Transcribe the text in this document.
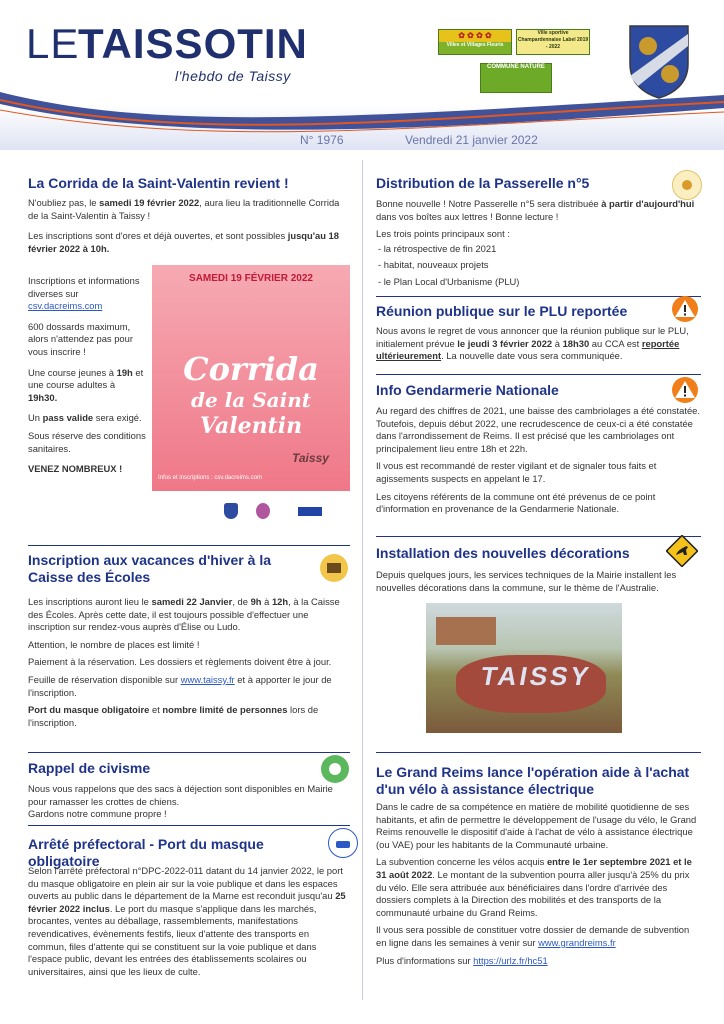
LE
TAISSOTIN
l'hebdo de Taissy
✿ ✿ ✿ ✿
Villes et Villages Fleuris
Ville sportive Champardennaise Label 2019 - 2022
COMMUNE NATURE
N° 1976	Vendredi 21 janvier 2022
La Corrida de la Saint-Valentin revient !

N'oubliez pas, le samedi 19 février 2022, aura lieu la traditionnelle Corrida de la Saint-Valentin à Taissy !

Les inscriptions sont d'ores et déjà ouvertes, et sont possibles jusqu'au 18 février 2022 à 10h.

Inscriptions et informations diverses sur
csv.dacreims.com

600 dossards maximum, alors n'attendez pas pour vous inscrire !

Une course jeunes à 19h et une course adultes à 19h30.

Un pass valide sera exigé.

Sous réserve des conditions sanitaires.

VENEZ NOMBREUX !

SAMEDI 19 FÉVRIER 2022
Corrida
de la Saint
Valentin
Taissy
Infos et inscriptions : csv.dacreims.com
Inscription aux vacances d'hiver à la Caisse des Écoles

Les inscriptions auront lieu le samedi 22 Janvier, de 9h à 12h, à la Caisse des Écoles. Après cette date, il est toujours possible d'effectuer une inscription sur rendez-vous auprès d'Élise ou Ludo.

Attention, le nombre de places est limité !

Paiement à la réservation. Les dossiers et règlements doivent être à jour.

Feuille de réservation disponible sur www.taissy.fr et à apporter le jour de l'inscription.

Port du masque obligatoire et nombre limité de personnes lors de l'inscription.

Rappel de civisme

Nous vous rappelons que des sacs à déjection sont disponibles en Mairie pour ramasser les crottes de chiens.

Gardons notre commune propre !

Arrêté préfectoral - Port du masque obligatoire

Selon l'arrêté préfectoral n°DPC-2022-011 datant du 14 janvier 2022, le port du masque obligatoire en plein air sur la voie publique et dans les espaces ouverts au public dans le département de la Marne est reconduit jusqu'au 25 février 2022 inclus. Le port du masque s'applique dans les marchés, brocantes, ventes au déballage, rassemblements, manifestations revendicatives, évènements festifs, lieux d'attente des transports en commun, files d'attente qui se constituent sur la voie publique et dans l'espace public, devant les entrées des établissements scolaires ou universitaires, ainsi que les lieux de culte.

Distribution de la Passerelle n°5

Bonne nouvelle ! Notre Passerelle n°5 sera distribuée à partir d'aujourd'hui dans vos boîtes aux lettres ! Bonne lecture !

Les trois points principaux sont :

- la rétrospective de fin 2021
- habitat, nouveaux projets
- le Plan Local d'Urbanisme (PLU)
Réunion publique sur le PLU reportée

Nous avons le regret de vous annoncer que la réunion publique sur le PLU, initialement prévue le jeudi 3 février 2022 à 18h30 au CCA est reportée ultérieurement. La nouvelle date vous sera communiquée.

Info Gendarmerie Nationale

Au regard des chiffres de 2021, une baisse des cambriolages a été constatée. Toutefois, depuis début 2022, une recrudescence de ceux-ci a été constatée dans l'arrondissement de Reims. Il est précisé que les cambriolages ont principalement lieu entre 18h et 22h.

Il vous est recommandé de rester vigilant et de signaler tous faits et agissements suspects en appelant le 17.

Les citoyens référents de la commune ont été prévenus de ce point d'information en provenance de la Gendarmerie Nationale.

Installation des nouvelles décorations

Depuis quelques jours, les services techniques de la Mairie installent les nouvelles décorations dans la commune, sur le thème de l'Australie.

TAISSY
Le Grand Reims lance l'opération aide à l'achat d'un vélo à assistance électrique

Dans le cadre de sa compétence en matière de mobilité quotidienne de ses habitants, et afin de permettre le développement de l'usage du vélo, le Grand Reims renouvelle le dispositif d'aide à l'achat de vélo à assistance électrique (ou VAE) pour les habitants de la Communauté urbaine.

La subvention concerne les vélos acquis entre le 1er septembre 2021 et le 31 août 2022. Le montant de la subvention pourra aller jusqu'à 25% du prix du vélo. Elle sera attribuée aux bénéficiaires dans l'ordre d'arrivée des dossiers complets à la Direction des mobilités et des transports de la communauté urbaine du Grand Reims.

Il vous sera possible de constituer votre dossier de demande de subvention en ligne dans les semaines à venir sur www.grandreims.fr

Plus d'informations sur https://urlz.fr/hc51
